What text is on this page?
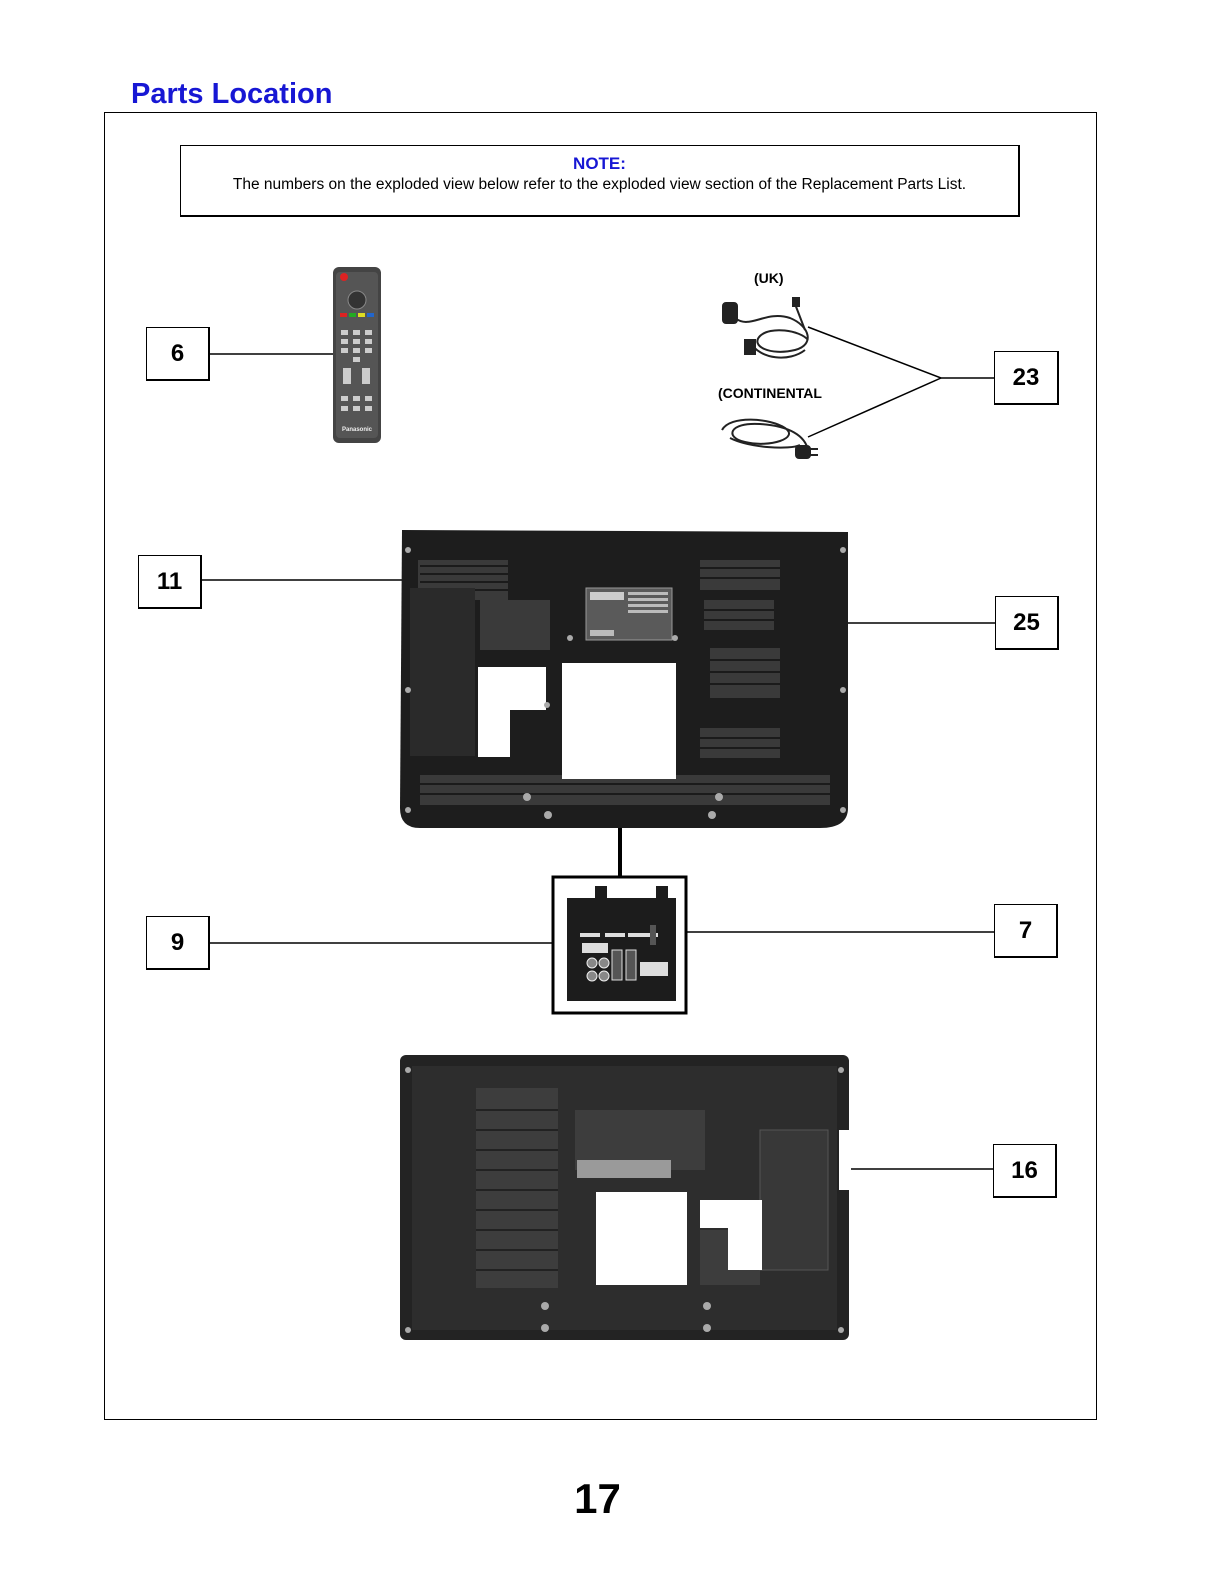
Parts Location
NOTE:
The numbers on the exploded view below refer to the exploded view section of the Replacement Parts List.
Panasonic
(UK)
(CONTINENTAL
6
23
11
25
9	7
16
17
